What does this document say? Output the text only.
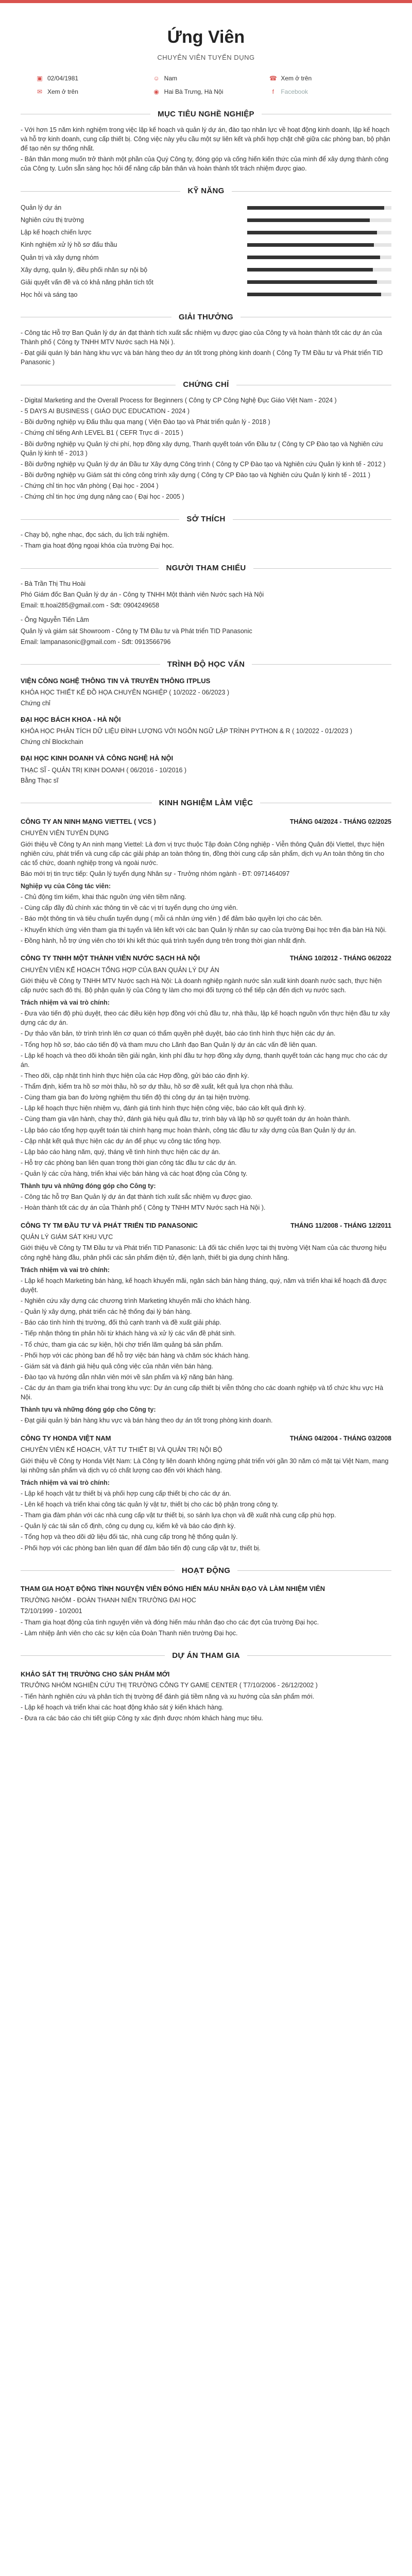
Ứng Viên
CHUYÊN VIÊN TUYỂN DỤNG
▣ 02/04/1981	☺ Nam	☎ Xem ở trên
✉ Xem ở trên	◉ Hai Bà Trưng, Hà Nội	f	Facebook
MỤC TIÊU NGHỀ NGHIỆP

- Với hơn 15 năm kinh nghiệm trong việc lập kế hoạch và quản lý dự án, đào tạo nhân lực về hoạt động kinh doanh, lập kế hoạch và hỗ trợ kinh doanh, cung cấp thiết bị. Công việc này yêu cầu một sự liên kết và phối hợp chặt chẽ giữa các phòng ban, bộ phận để tạo nên sự thống nhất.

- Bản thân mong muốn trở thành một phần của Quý Công ty, đóng góp và cống hiến kiến thức của mình để xây dựng thành công của Công ty. Luôn sẵn sàng học hỏi để nâng cấp bản thân và hoàn thành tốt trách nhiệm được giao.

KỸ NĂNG
Quản lý dự án
Nghiên cứu thị trường
Lập kế hoạch chiến lược
Kinh nghiệm xử lý hồ sơ đấu thầu
Quản trị và xây dựng nhóm
Xây dựng, quản lý, điều phối nhân sự nội bộ
Giải quyết vấn đề và có khả năng phân tích tốt
Học hỏi và sáng tạo
GIẢI THƯỞNG

- Công tác Hỗ trợ Ban Quản lý dự án đạt thành tích xuất sắc nhiệm vụ được giao của Công ty và hoàn thành tốt các dự án của Thành phố ( Công ty TNHH MTV Nước sạch Hà Nội ).

- Đạt giải quán lý bán hàng khu vực và bán hàng theo dự án tốt trong phòng kinh doanh ( Công Ty TM Đầu tư và Phát triển TID Panasonic )

CHỨNG CHỈ

- Digital Marketing and the Overall Process for Beginners ( Công ty CP Công Nghệ Đục Giáo Việt Nam - 2024 )

- 5 DAYS AI BUSINESS ( GIÁO DỤC EDUCATION - 2024 )

- Bồi dưỡng nghiệp vụ Đấu thầu qua mạng ( Viện Đào tạo và Phát triển quản lý - 2018 )

- Chứng chỉ tiếng Anh LEVEL B1 ( CEFR Trực di - 2015 )

- Bồi dưỡng nghiệp vụ Quản lý chi phí, hợp đồng xây dựng, Thanh quyết toán vốn Đầu tư ( Công ty CP Đào tạo và Nghiên cứu Quản lý kinh tế - 2013 )

- Bồi dưỡng nghiệp vụ Quản lý dự án Đầu tư Xây dựng Công trình ( Công ty CP Đào tạo và Nghiên cứu Quản lý kinh tế - 2012 )

- Bồi dưỡng nghiệp vụ Giám sát thi công công trình xây dựng ( Công ty CP Đào tạo và Nghiên cứu Quản lý kinh tế - 2011 )

- Chứng chỉ tin học văn phòng ( Đại học - 2004 )

- Chứng chỉ tin học ứng dụng nâng cao ( Đại học - 2005 )

SỞ THÍCH

- Chạy bộ, nghe nhạc, đọc sách, du lịch trải nghiệm.

- Tham gia hoạt động ngoại khóa của trường Đại học.

NGƯỜI THAM CHIẾU

- Bà Trần Thị Thu Hoài

Phó Giám đốc Ban Quản lý dự án - Công ty TNHH Một thành viên Nước sạch Hà Nội

Email: tt.hoai285@gmail.com - Sđt: 0904249658

- Ông Nguyễn Tiến Lâm

Quản lý và giám sát Showroom - Công ty TM Đầu tư và Phát triển TID Panasonic

Email: lampanasonic@gmail.com - Sđt: 0913566796

TRÌNH ĐỘ HỌC VẤN
VIỆN CÔNG NGHỆ THÔNG TIN VÀ TRUYỀN THÔNG ITPLUS
KHÓA HỌC THIẾT KẾ ĐỒ HỌA CHUYÊN NGHIỆP ( 10/2022 - 06/2023 )
Chứng chỉ
ĐẠI HỌC BÁCH KHOA - HÀ NỘI
KHÓA HỌC PHÂN TÍCH DỮ LIỆU ĐÌNH LƯỢNG VỚI NGÔN NGỮ LẬP TRÌNH PYTHON & R ( 10/2022 - 01/2023 )
Chứng chỉ Blockchain
ĐẠI HỌC KINH DOANH VÀ CÔNG NGHỆ HÀ NỘI
THẠC SĨ - QUẢN TRỊ KINH DOANH ( 06/2016 - 10/2016 )
Bằng Thạc sĩ
KINH NGHIỆM LÀM VIỆC
CÔNG TY AN NINH MẠNG VIETTEL ( VCS )	THÁNG 04/2024 - THÁNG 02/2025
CHUYÊN VIÊN TUYỂN DỤNG

Giới thiệu về Công ty An ninh mạng Viettel: Là đơn vị trực thuộc Tập đoàn Công nghiệp - Viễn thông Quân đội Viettel, thực hiện nghiên cứu, phát triển và cung cấp các giải pháp an toàn thông tin, đồng thời cung cấp sản phẩm, dịch vụ An toàn thông tin cho các tổ chức, doanh nghiệp trong và ngoài nước.

Báo mới trị tin trực tiếp: Quản lý tuyển dụng Nhân sự - Trưởng nhóm ngành - ĐT: 0971464097

Nghiệp vụ của Công tác viên:

- Chủ động tìm kiếm, khai thác nguồn ứng viên tiềm năng.

- Cùng cấp đầy đủ chính xác thông tin về các vị trí tuyển dụng cho ứng viên.

- Báo một thông tin và tiêu chuẩn tuyển dụng ( mỗi cá nhân ứng viên ) để đảm bảo quyền lợi cho các bên.

- Khuyến khích ứng viên tham gia thi tuyển và liên kết với các ban Quản lý nhân sự cao của trường Đại học trên địa bàn Hà Nội.

- Đồng hành, hỗ trợ ứng viên cho tới khi kết thúc quá trình tuyển dụng trên trong thời gian nhất định.

CÔNG TY TNHH MỘT THÀNH VIÊN NƯỚC SẠCH HÀ NỘI	THÁNG 10/2012 - THÁNG 06/2022
CHUYÊN VIÊN KẾ HOẠCH TỔNG HỢP CỦA BAN QUẢN LÝ DỰ ÁN

Giới thiệu về Công ty TNHH MTV Nước sạch Hà Nội: Là doanh nghiệp ngành nước sản xuất kinh doanh nước sạch, thực hiện cấp nước sạch đô thị. Bộ phận quản lý của Công ty làm cho mọi đối tượng có thể tiếp cận đến dịch vụ nước sạch.

Trách nhiệm và vai trò chính:

- Đưa vào tiến độ phù duyệt, theo các điều kiện hợp đồng với chủ đầu tư, nhà thầu, lập kế hoạch nguồn vốn thực hiện đầu tư xây dựng các dự án.

- Dự thảo văn bản, tờ trình trình lên cơ quan có thẩm quyền phê duyệt, báo cáo tình hình thực hiện các dự án.

- Tổng hợp hồ sơ, báo cáo tiến độ và tham mưu cho Lãnh đạo Ban Quản lý dự án các vấn đề liên quan.

- Lập kế hoạch và theo dõi khoản tiền giải ngân, kinh phí đầu tư hợp đồng xây dựng, thanh quyết toán các hạng mục cho các dự án.

- Theo dõi, cập nhật tình hình thực hiện của các Hợp đồng, gửi báo cáo định kỳ.

- Thẩm định, kiểm tra hồ sơ mời thầu, hồ sơ dự thầu, hồ sơ đề xuất, kết quả lựa chọn nhà thầu.

- Cùng tham gia ban đo lường nghiệm thu tiến độ thi công dự án tại hiện trường.

- Lập kế hoạch thực hiện nhiệm vụ, đánh giá tình hình thực hiện công việc, báo cáo kết quả định kỳ.

- Cùng tham gia vận hành, chạy thử, đánh giá hiệu quả đầu tư, trình bày và lập hồ sơ quyết toán dự án hoàn thành.

- Lập báo cáo tổng hợp quyết toán tài chính hạng mục hoàn thành, công tác đầu tư xây dựng của Ban Quản lý dự án.

- Cập nhật kết quả thực hiện các dự án để phục vụ công tác tổng hợp.

- Lập báo cáo hàng năm, quý, tháng về tình hình thực hiện các dự án.

- Hỗ trợ các phòng ban liên quan trong thời gian công tác đầu tư các dự án.

- Quản lý các cửa hàng, triển khai việc bán hàng và các hoạt động của Công ty.

Thành tựu và những đóng góp cho Công ty:

- Công tác hỗ trợ Ban Quản lý dự án đạt thành tích xuất sắc nhiệm vụ được giao.

- Hoàn thành tốt các dự án của Thành phố ( Công ty TNHH MTV Nước sạch Hà Nội ).

CÔNG TY TM ĐẦU TƯ VÀ PHÁT TRIỂN TID PANASONIC	THÁNG 11/2008 - THÁNG 12/2011
QUẢN LÝ GIÁM SÁT KHU VỰC

Giới thiệu về Công ty TM Đầu tư và Phát triển TID Panasonic: Là đối tác chiến lược tại thị trường Việt Nam của các thương hiệu công nghệ hàng đầu, phân phối các sản phẩm điện tử, điện lạnh, thiết bị gia dụng chính hãng.

Trách nhiệm và vai trò chính:

- Lập kế hoạch Marketing bán hàng, kế hoạch khuyến mãi, ngân sách bán hàng tháng, quý, năm và triển khai kế hoạch đã được duyệt.

- Nghiên cứu xây dựng các chương trình Marketing khuyến mãi cho khách hàng.

- Quản lý xây dựng, phát triển các hệ thống đại lý bán hàng.

- Báo cáo tình hình thị trường, đối thủ cạnh tranh và đề xuất giải pháp.

- Tiếp nhận thông tin phản hồi từ khách hàng và xử lý các vấn đề phát sinh.

- Tổ chức, tham gia các sự kiện, hội chợ triển lãm quảng bá sản phẩm.

- Phối hợp với các phòng ban để hỗ trợ việc bán hàng và chăm sóc khách hàng.

- Giám sát và đánh giá hiệu quả công việc của nhân viên bán hàng.

- Đào tạo và hướng dẫn nhân viên mới về sản phẩm và kỹ năng bán hàng.

- Các dự án tham gia triển khai trong khu vực: Dự án cung cấp thiết bị viễn thông cho các doanh nghiệp và tổ chức khu vực Hà Nội.

Thành tựu và những đóng góp cho Công ty:

- Đạt giải quản lý bán hàng khu vực và bán hàng theo dự án tốt trong phòng kinh doanh.

CÔNG TY HONDA VIỆT NAM	THÁNG 04/2004 - THÁNG 03/2008
CHUYÊN VIÊN KẾ HOẠCH, VẬT TƯ THIẾT BỊ VÀ QUẢN TRỊ NỘI BỘ

Giới thiệu về Công ty Honda Việt Nam: Là Công ty liên doanh không ngừng phát triển với gần 30 năm có mặt tại Việt Nam, mang lại những sản phẩm và dịch vụ có chất lượng cao đến với khách hàng.

Trách nhiệm và vai trò chính:

- Lập kế hoạch vật tư thiết bị và phối hợp cung cấp thiết bị cho các dự án.

- Lên kế hoạch và triển khai công tác quản lý vật tư, thiết bị cho các bộ phận trong công ty.

- Tham gia đàm phán với các nhà cung cấp vật tư thiết bị, so sánh lựa chọn và đề xuất nhà cung cấp phù hợp.

- Quản lý các tài sản cố định, công cụ dụng cụ, kiểm kê và báo cáo định kỳ.

- Tổng hợp và theo dõi dữ liệu đối tác, nhà cung cấp trong hệ thống quản lý.

- Phối hợp với các phòng ban liên quan để đảm bảo tiến độ cung cấp vật tư, thiết bị.

HOẠT ĐỘNG
THAM GIA HOẠT ĐỘNG TÌNH NGUYỆN VIÊN ĐÓNG HIẾN MÁU NHÂN ĐẠO VÀ LÀM NHIỆM VIÊN

TRƯỜNG NHÓM - ĐOÀN THANH NIÊN TRƯỜNG ĐẠI HỌC

T2/10/1999 - 10/2001

- Tham gia hoạt động của tình nguyện viên và đóng hiến máu nhân đạo cho các đợt của trường Đại học.

- Làm nhiệp ảnh viên cho các sự kiện của Đoàn Thanh niên trường Đại học.

DỰ ÁN THAM GIA
KHẢO SÁT THỊ TRƯỜNG CHO SẢN PHẨM MỚI

TRƯỞNG NHÓM NGHIÊN CỨU THỊ TRƯỜNG CÔNG TY GAME CENTER ( T7/10/2006 - 26/12/2002 )

- Tiến hành nghiên cứu và phân tích thị trường để đánh giá tiềm năng và xu hướng của sản phẩm mới.

- Lập kế hoạch và triển khai các hoạt động khảo sát ý kiến khách hàng.

- Đưa ra các báo cáo chi tiết giúp Công ty xác định được nhóm khách hàng mục tiêu.
